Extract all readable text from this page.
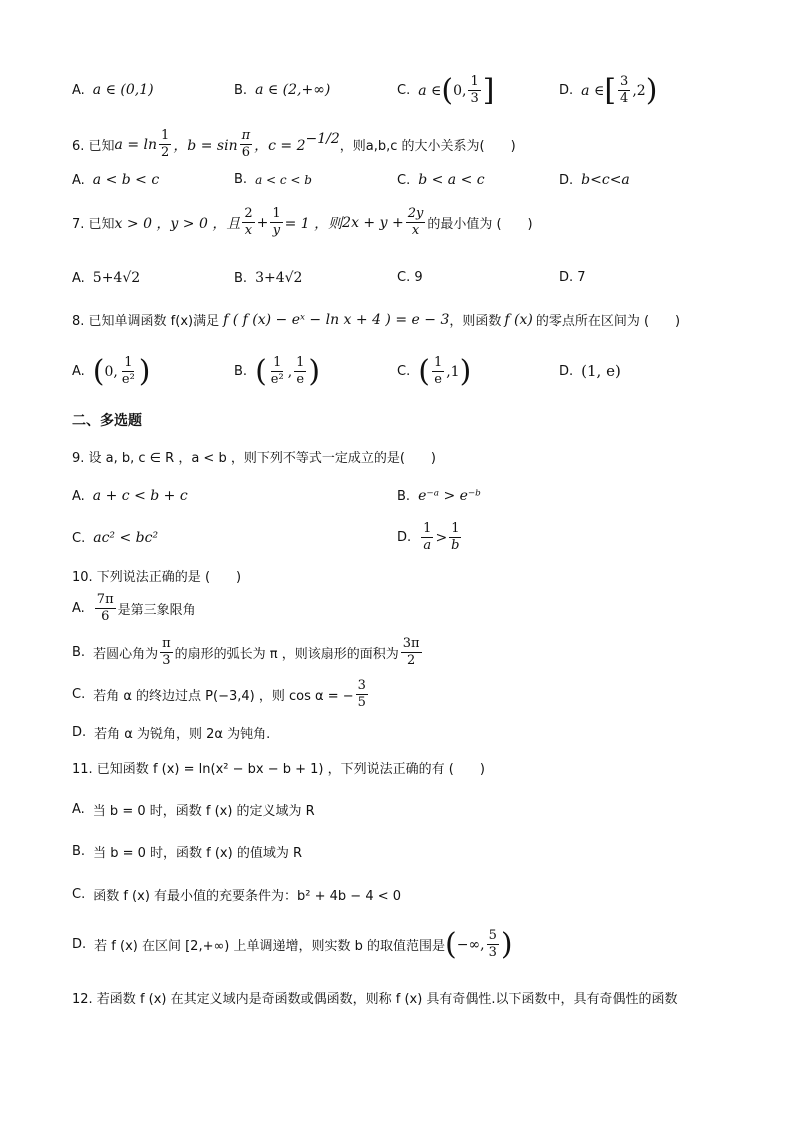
A. a ∈ (0,1)	B. a ∈ (2,+∞)	C. a ∈ ( 0, $\frac{1}{3}$ ]	D. a ∈ [ $\frac{3}{4} ,2$ )
6. 已知 $a = \ln \frac{1}{2}$ ，$b = \sin \frac{\pi}{6}$ ，$c = 2^{-1/2}$ ，则a,b,c 的大小关系为(　　)
A. a < b < c	B. a < c < b	C. b < a < c	D. b<c<a
7. 已知 x > 0 ，y > 0 ，且 $\frac{2}{x} + \frac{1}{y} = 1$ ，则 $2x + y + \frac{2y}{x}$ 的最小值为 (　　)
A. 5+4√2	B. 3+4√2	C. 9	D. 7
8. 已知单调函数 f(x)满足 f ( f (x) − eˣ − ln x + 4 ) = e − 3 ，则函数 f (x) 的零点所在区间为 (　　)
A. ( 0, $\frac{1}{\text{e²}}$ )	B. ( $\frac{1}{\text{e²}}$ , $\frac{1}{e}$ )	C. ( $\frac{1}{e} ,1$ )	D. (1, e)
二、多选题
9. 设 a, b, c ∈ R ，a < b ，则下列不等式一定成立的是(　　)
A. a + c < b + c	B. e⁻ᵃ > e⁻ᵇ
C. ac² < bc²	D. $\frac{1}{a} > \frac{1}{b}$
10. 下列说法正确的是 (　　)
A. $\frac{7\pi}{6}$ 是第三象限角
B. 若圆心角为 $\frac{\pi}{3}$ 的扇形的弧长为 π ，则该扇形的面积为 $\frac{3\pi}{2}$
C. 若角 α 的终边过点 P(−3,4) ，则 cos α = − $\frac{3}{5}$
D. 若角 α 为锐角，则 2α 为钝角.
11. 已知函数 f (x) = ln(x² − bx − b + 1) ，下列说法正确的有 (　　)
A. 当 b = 0 时，函数 f (x) 的定义域为 R
B. 当 b = 0 时，函数 f (x) 的值域为 R
C. 函数 f (x) 有最小值的充要条件为：b² + 4b − 4 < 0
D. 若 f (x) 在区间 [2,+∞) 上单调递增，则实数 b 的取值范围是 ( −∞, $\frac{5}{3}$ )
12. 若函数 f (x) 在其定义域内是奇函数或偶函数，则称 f (x) 具有奇偶性.以下函数中，具有奇偶性的函数
